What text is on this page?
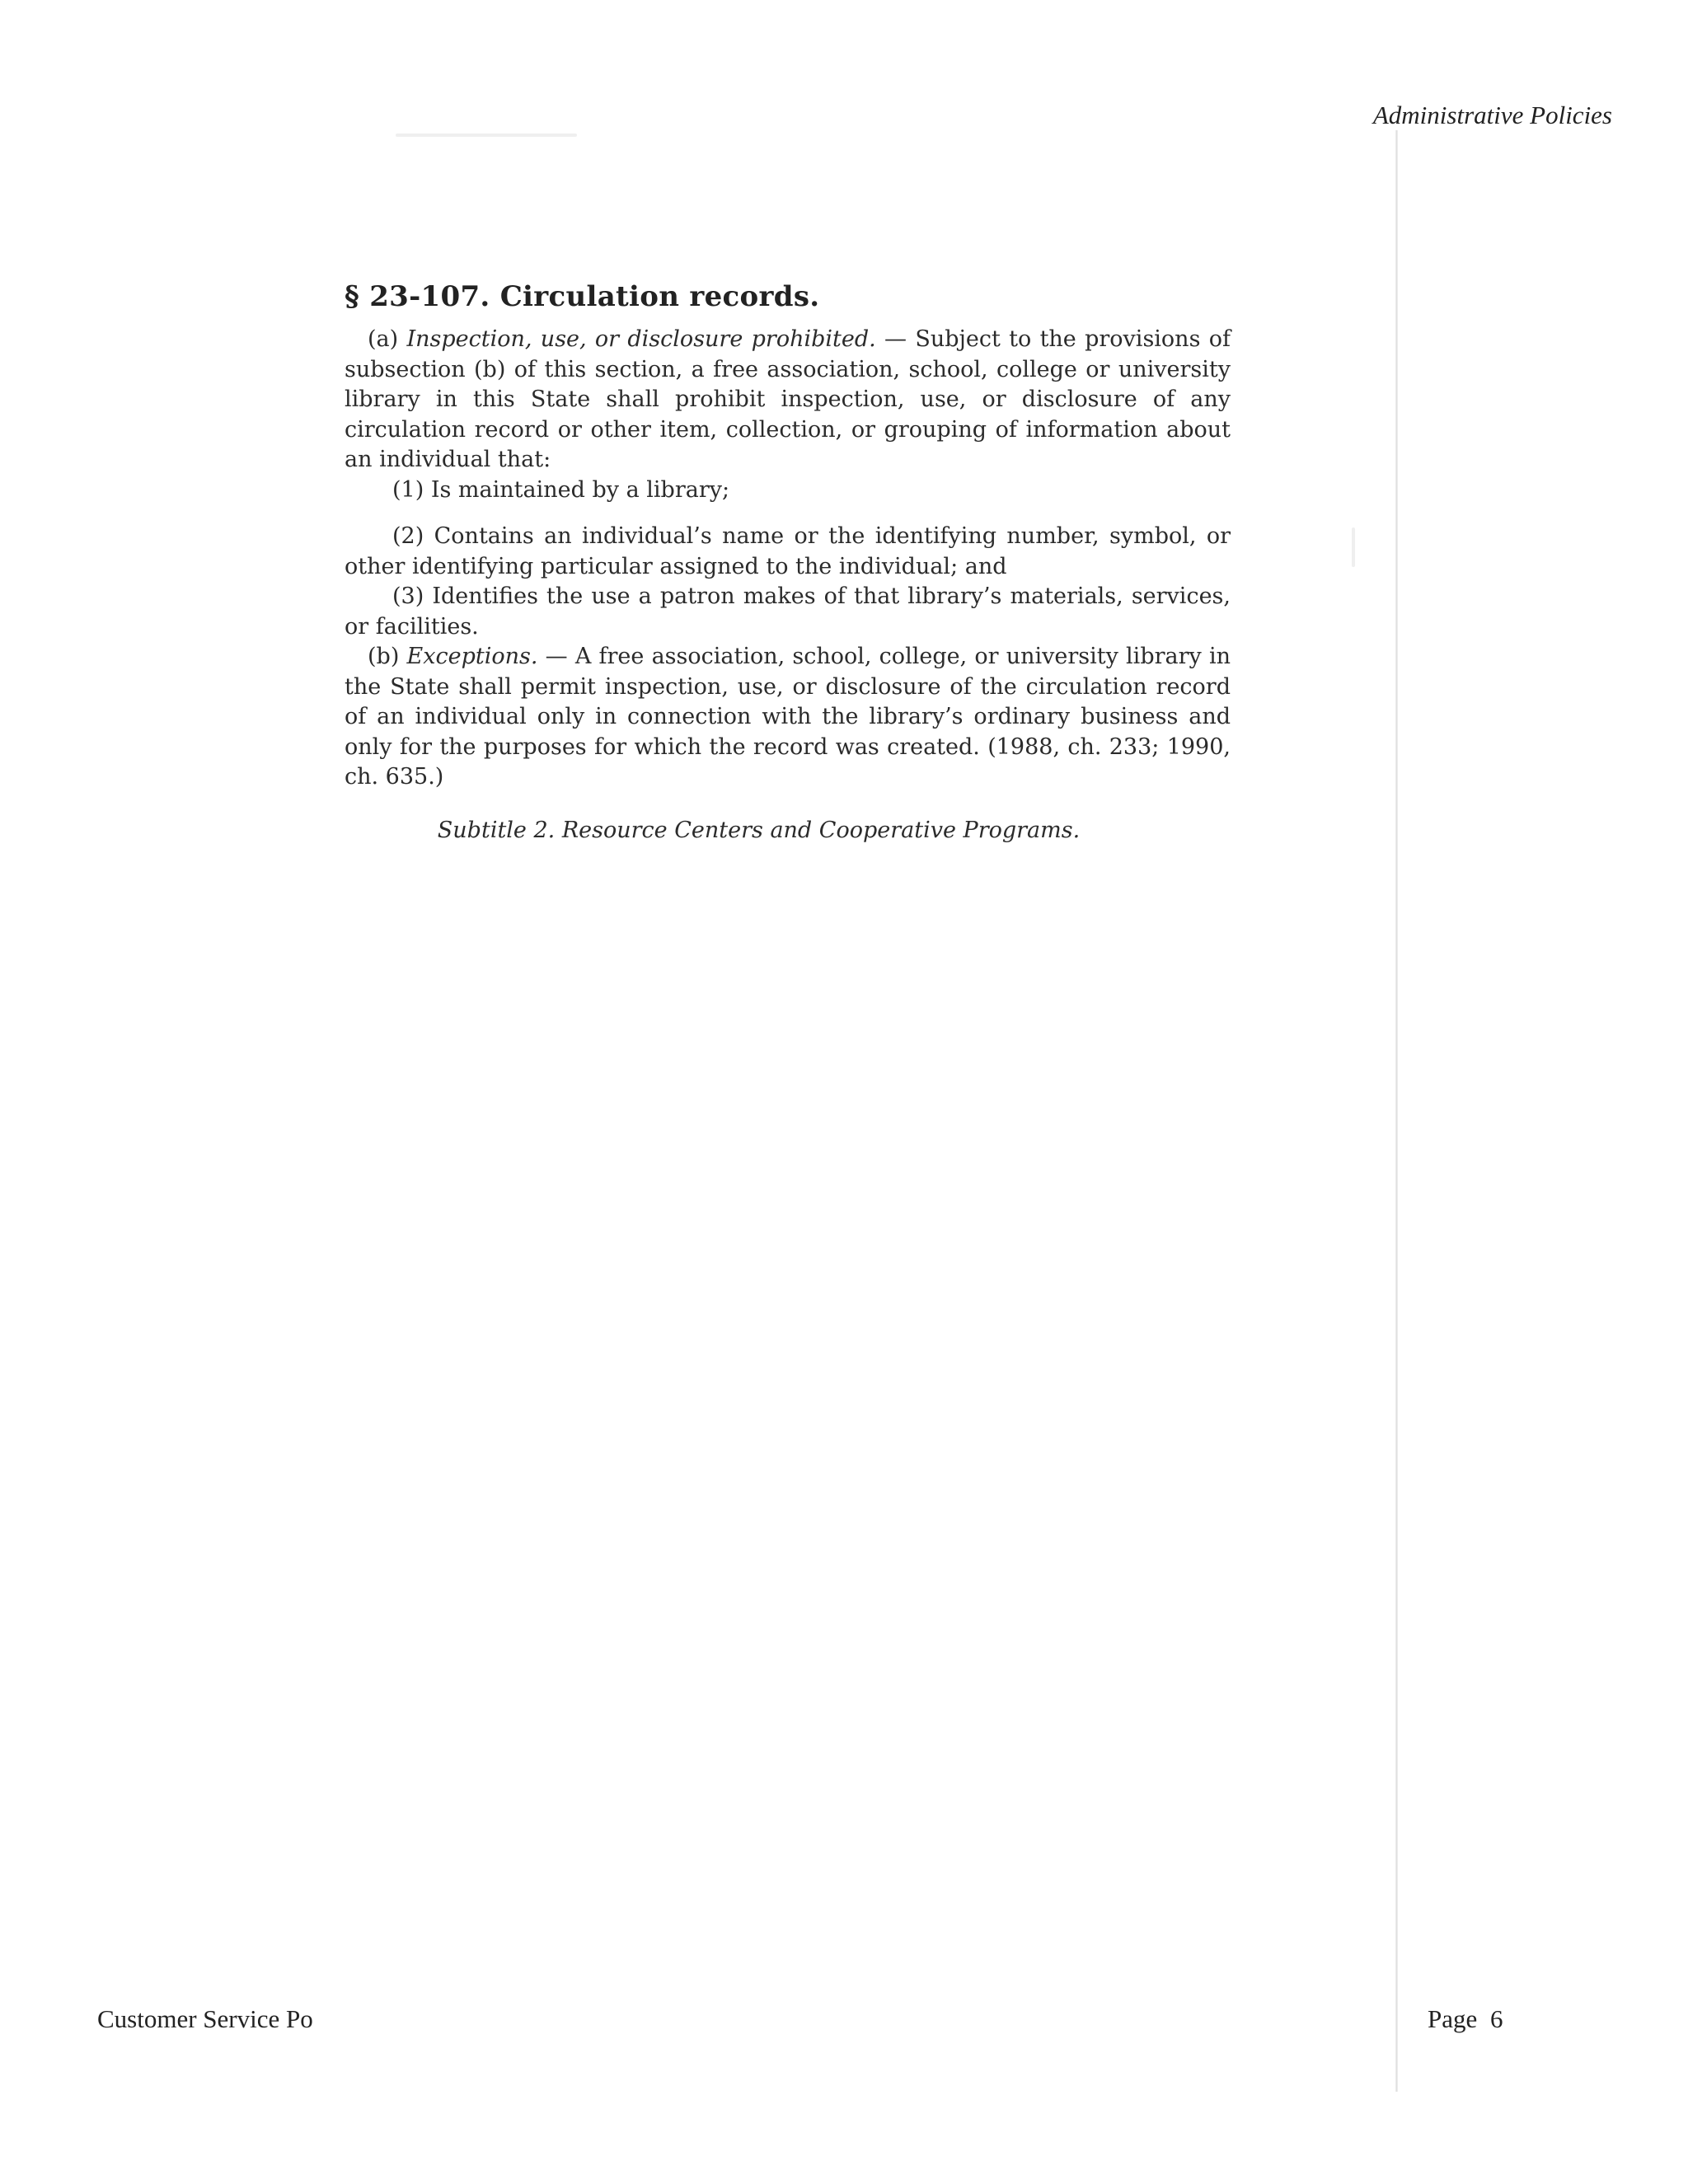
Administrative Policies
§ 23-107. Circulation records.

(a) Inspection, use, or disclosure prohibited. — Subject to the provisions of subsection (b) of this section, a free association, school, college or university library in this State shall prohibit inspection, use, or disclosure of any circulation record or other item, collection, or grouping of information about an individual that:

(1) Is maintained by a library;

(2) Contains an individual’s name or the identifying number, symbol, or other identifying particular assigned to the individual; and

(3) Identifies the use a patron makes of that library’s materials, services, or facilities.

(b) Exceptions. — A free association, school, college, or university library in the State shall permit inspection, use, or disclosure of the circulation record of an individual only in connection with the library’s ordinary business and only for the purposes for which the record was created. (1988, ch. 233; 1990, ch. 635.)

Subtitle 2. Resource Centers and Cooperative Programs.

Customer Service Po	Page 6
